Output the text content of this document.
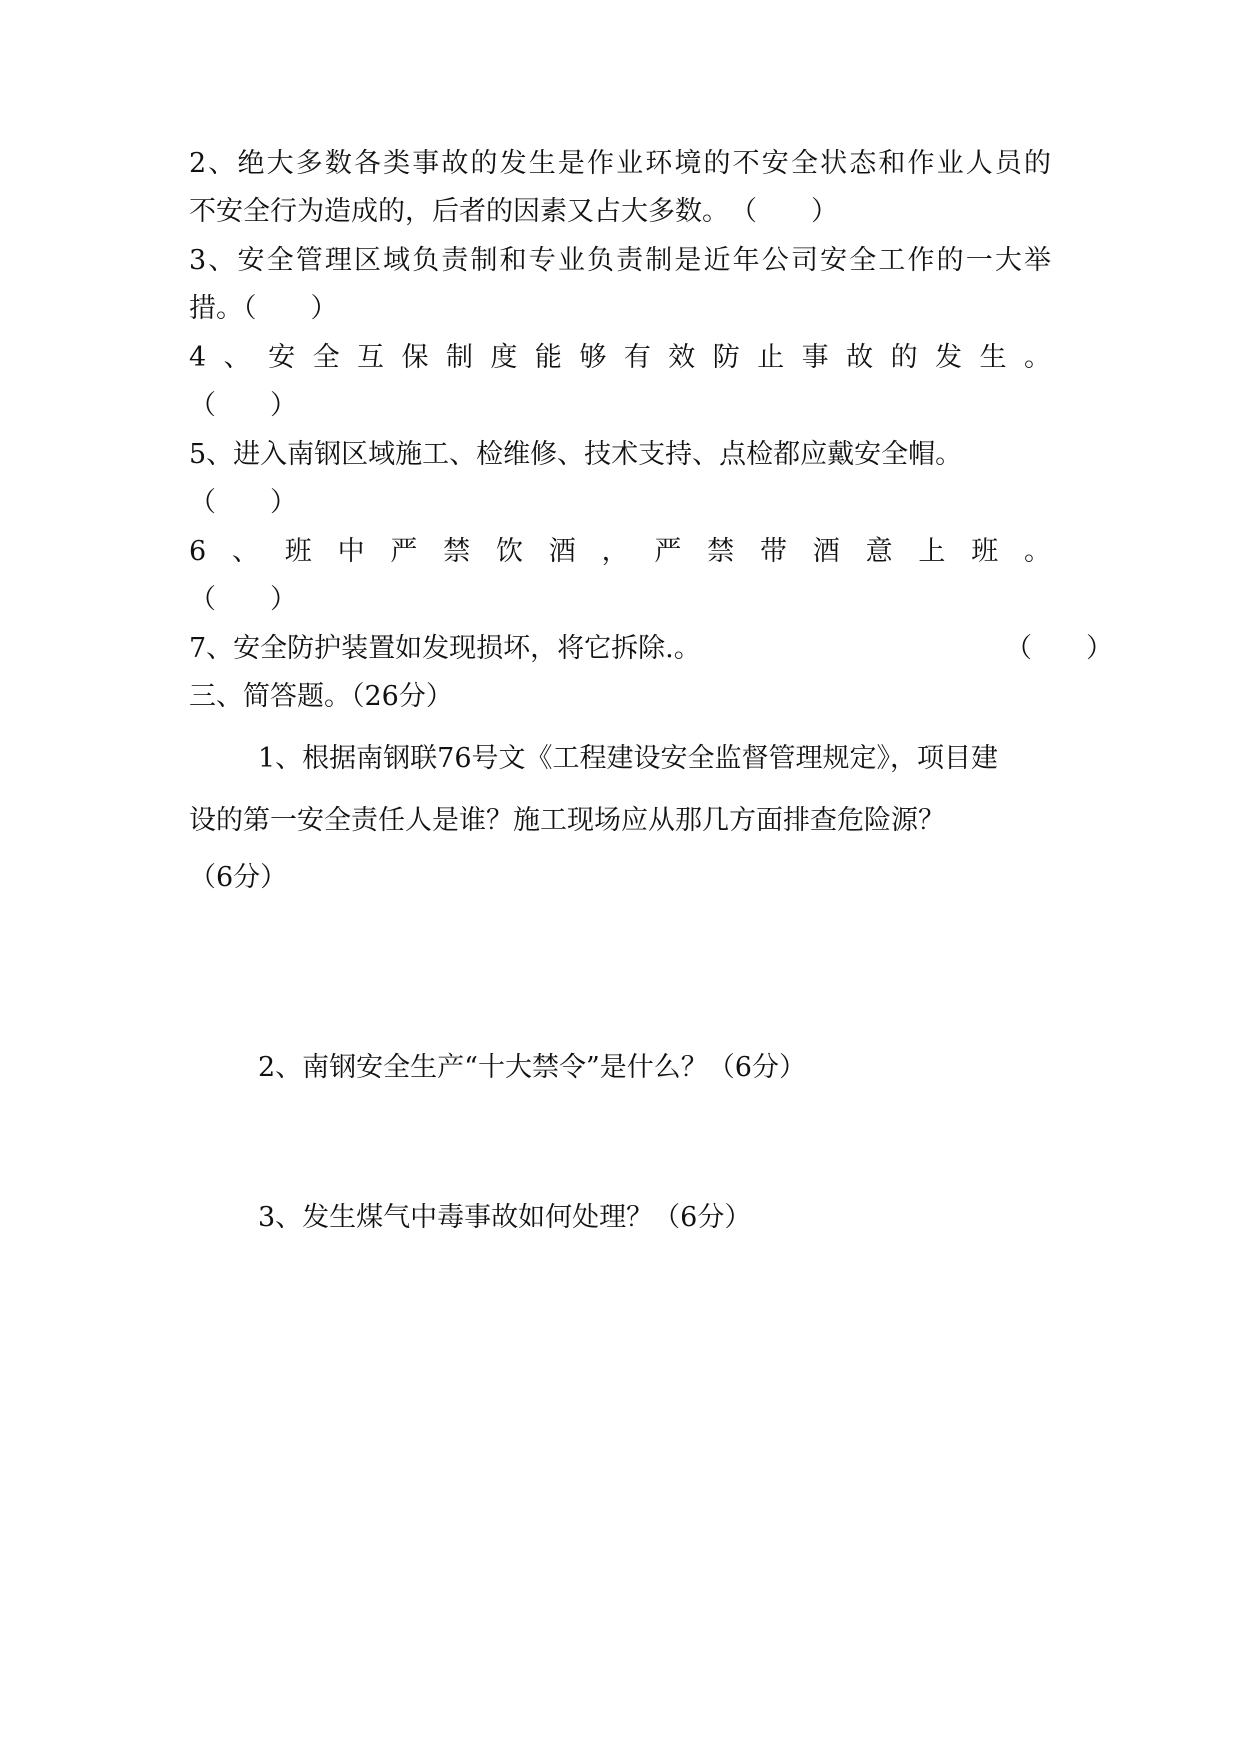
2、绝大多数各类事故的发生是作业环境的不安全状态和作业人员的
不安全行为造成的，后者的因素又占大多数。 （　　）
3、安全管理区域负责制和专业负责制是近年公司安全工作的一大举
措。（　　）
4、安全互保制度能够有效防止事故的发生。
（　　）
5、进入南钢区域施工、检维修、技术支持、点检都应戴安全帽。
（　　）
6、班中严禁饮酒，严禁带酒意上班。
（　　）
7、安全防护装置如发现损坏，将它拆除.。	（　　）
三、简答题。（26分）
1、根据南钢联76号文《工程建设安全监督管理规定》，项目建
设的第一安全责任人是谁？施工现场应从那几方面排查危险源？
（6分）
2、南钢安全生产“十大禁令”是什么？（6分）
3、发生煤气中毒事故如何处理？（6分）
